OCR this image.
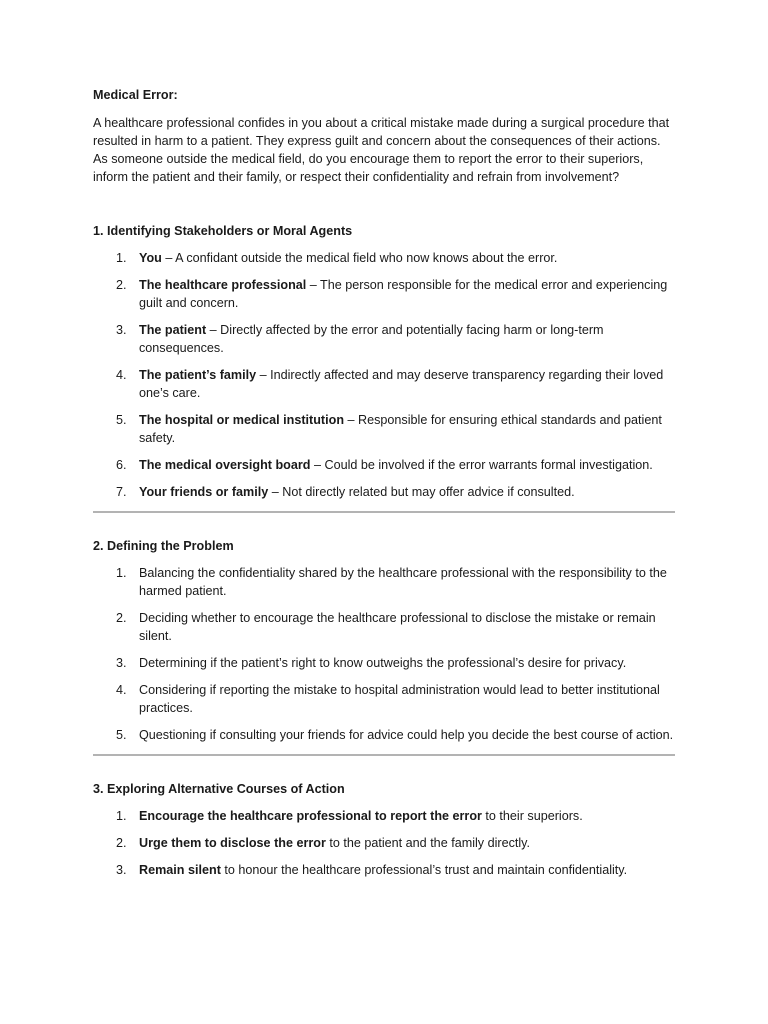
Medical Error:

A healthcare professional confides in you about a critical mistake made during a surgical procedure that resulted in harm to a patient. They express guilt and concern about the consequences of their actions. As someone outside the medical field, do you encourage them to report the error to their superiors, inform the patient and their family, or respect their confidentiality and refrain from involvement?

1. Identifying Stakeholders or Moral Agents

1. You – A confidant outside the medical field who now knows about the error.
2. The healthcare professional – The person responsible for the medical error and experiencing guilt and concern.
3. The patient – Directly affected by the error and potentially facing harm or long-term consequences.
4. The patient’s family – Indirectly affected and may deserve transparency regarding their loved one’s care.
5. The hospital or medical institution – Responsible for ensuring ethical standards and patient safety.
6. The medical oversight board – Could be involved if the error warrants formal investigation.
7. Your friends or family – Not directly related but may offer advice if consulted.

2. Defining the Problem

1. Balancing the confidentiality shared by the healthcare professional with the responsibility to the harmed patient.
2. Deciding whether to encourage the healthcare professional to disclose the mistake or remain silent.
3. Determining if the patient’s right to know outweighs the professional’s desire for privacy.
4. Considering if reporting the mistake to hospital administration would lead to better institutional practices.
5. Questioning if consulting your friends for advice could help you decide the best course of action.

3. Exploring Alternative Courses of Action

1. Encourage the healthcare professional to report the error to their superiors.
2. Urge them to disclose the error to the patient and the family directly.
3. Remain silent to honour the healthcare professional’s trust and maintain confidentiality.
